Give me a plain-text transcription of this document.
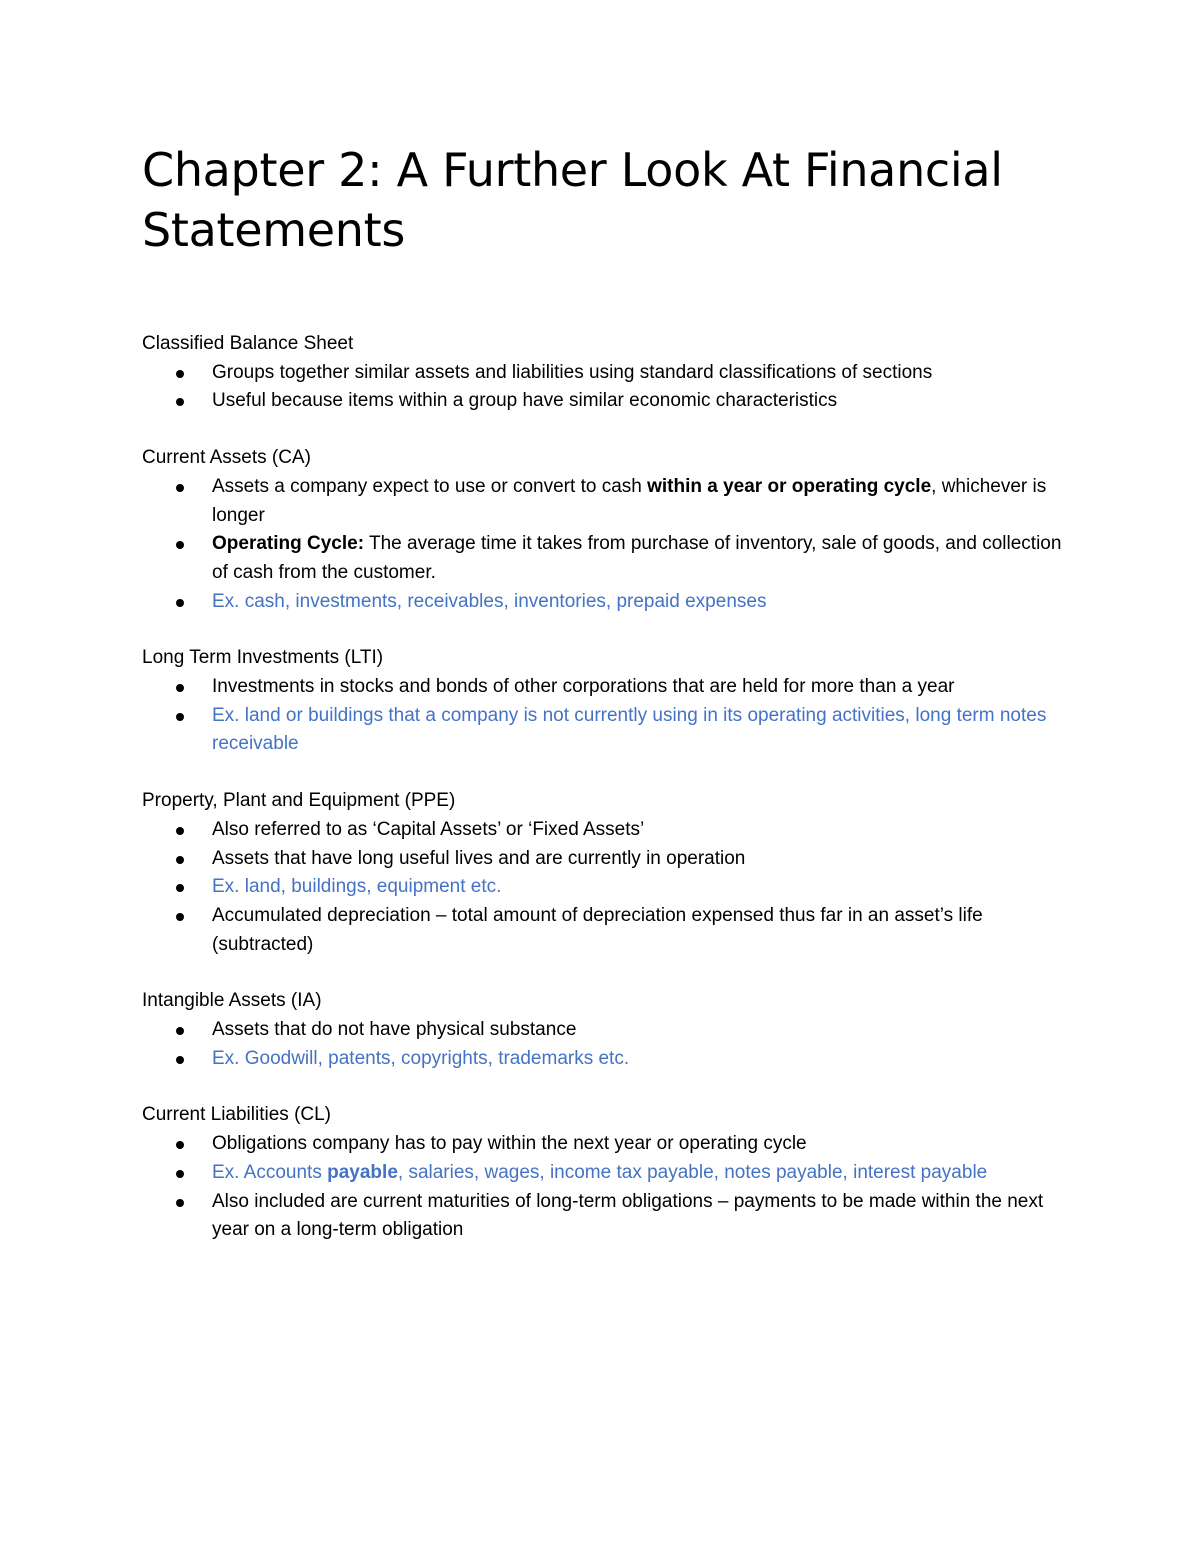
Chapter 2: A Further Look At Financial Statements

Classified Balance Sheet

Groups together similar assets and liabilities using standard classifications of sections
Useful because items within a group have similar economic characteristics

Current Assets (CA)

Assets a company expect to use or convert to cash within a year or operating cycle, whichever is longer
Operating Cycle: The average time it takes from purchase of inventory, sale of goods, and collection of cash from the customer.
Ex. cash, investments, receivables, inventories, prepaid expenses

Long Term Investments (LTI)

Investments in stocks and bonds of other corporations that are held for more than a year
Ex. land or buildings that a company is not currently using in its operating activities, long term notes receivable

Property, Plant and Equipment (PPE)

Also referred to as ‘Capital Assets’ or ‘Fixed Assets’
Assets that have long useful lives and are currently in operation
Ex. land, buildings, equipment etc.
Accumulated depreciation – total amount of depreciation expensed thus far in an asset’s life (subtracted)

Intangible Assets (IA)

Assets that do not have physical substance
Ex. Goodwill, patents, copyrights, trademarks etc.

Current Liabilities (CL)

Obligations company has to pay within the next year or operating cycle
Ex. Accounts payable, salaries, wages, income tax payable, notes payable, interest payable
Also included are current maturities of long-term obligations – payments to be made within the next year on a long-term obligation
